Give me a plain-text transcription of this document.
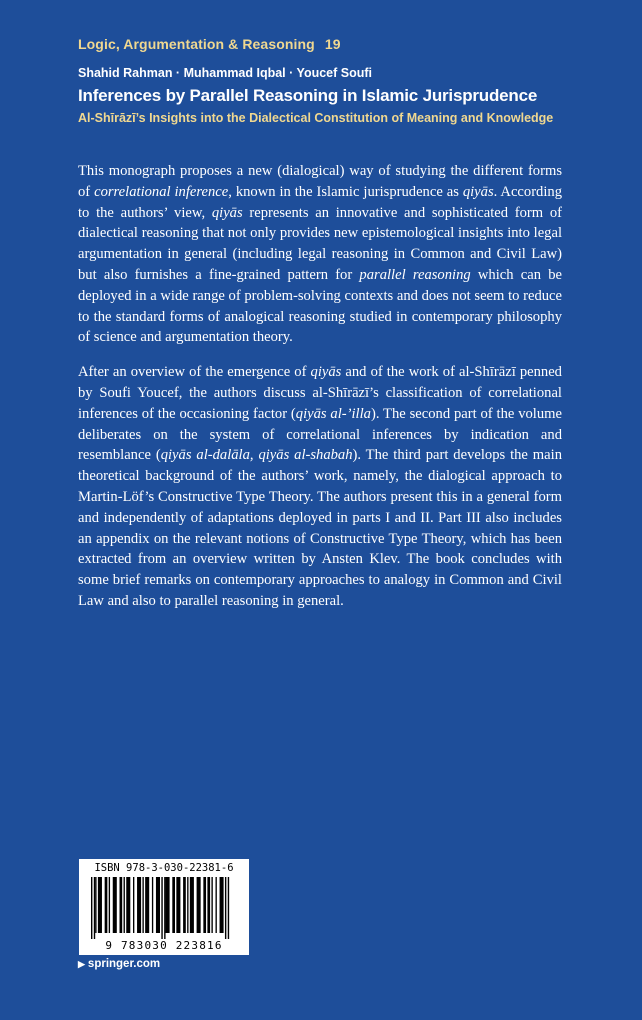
Logic, Argumentation & Reasoning 19
Shahid Rahman · Muhammad Iqbal · Youcef Soufi
Inferences by Parallel Reasoning in Islamic Jurisprudence
Al-Shīrāzī’s Insights into the Dialectical Constitution of Meaning and Knowledge

This monograph proposes a new (dialogical) way of studying the different forms of correlational inference, known in the Islamic jurisprudence as qiyās. According to the authors’ view, qiyās represents an innovative and sophisticated form of dialectical reasoning that not only provides new epistemological insights into legal argumentation in general (including legal reasoning in Common and Civil Law) but also furnishes a fine-grained pattern for parallel reasoning which can be deployed in a wide range of problem-solving contexts and does not seem to reduce to the standard forms of analogical reasoning studied in contemporary philosophy of science and argumentation theory.

After an overview of the emergence of qiyās and of the work of al-Shīrāzī penned by Soufi Youcef, the authors discuss al-Shīrāzī’s classification of correlational inferences of the occasioning factor (qiyās al-’illa). The second part of the volume deliberates on the system of correlational inferences by indication and resemblance (qiyās al-dalāla, qiyās al-shabah). The third part develops the main theoretical background of the authors’ work, namely, the dialogical approach to Martin-Löf’s Constructive Type Theory. The authors present this in a general form and independently of adaptations deployed in parts I and II. Part III also includes an appendix on the relevant notions of Constructive Type Theory, which has been extracted from an overview written by Ansten Klev. The book concludes with some brief remarks on contemporary approaches to analogy in Common and Civil Law and also to parallel reasoning in general.

ISBN 978-3-030-22381-6
9 783030 223816
▶ springer.com
